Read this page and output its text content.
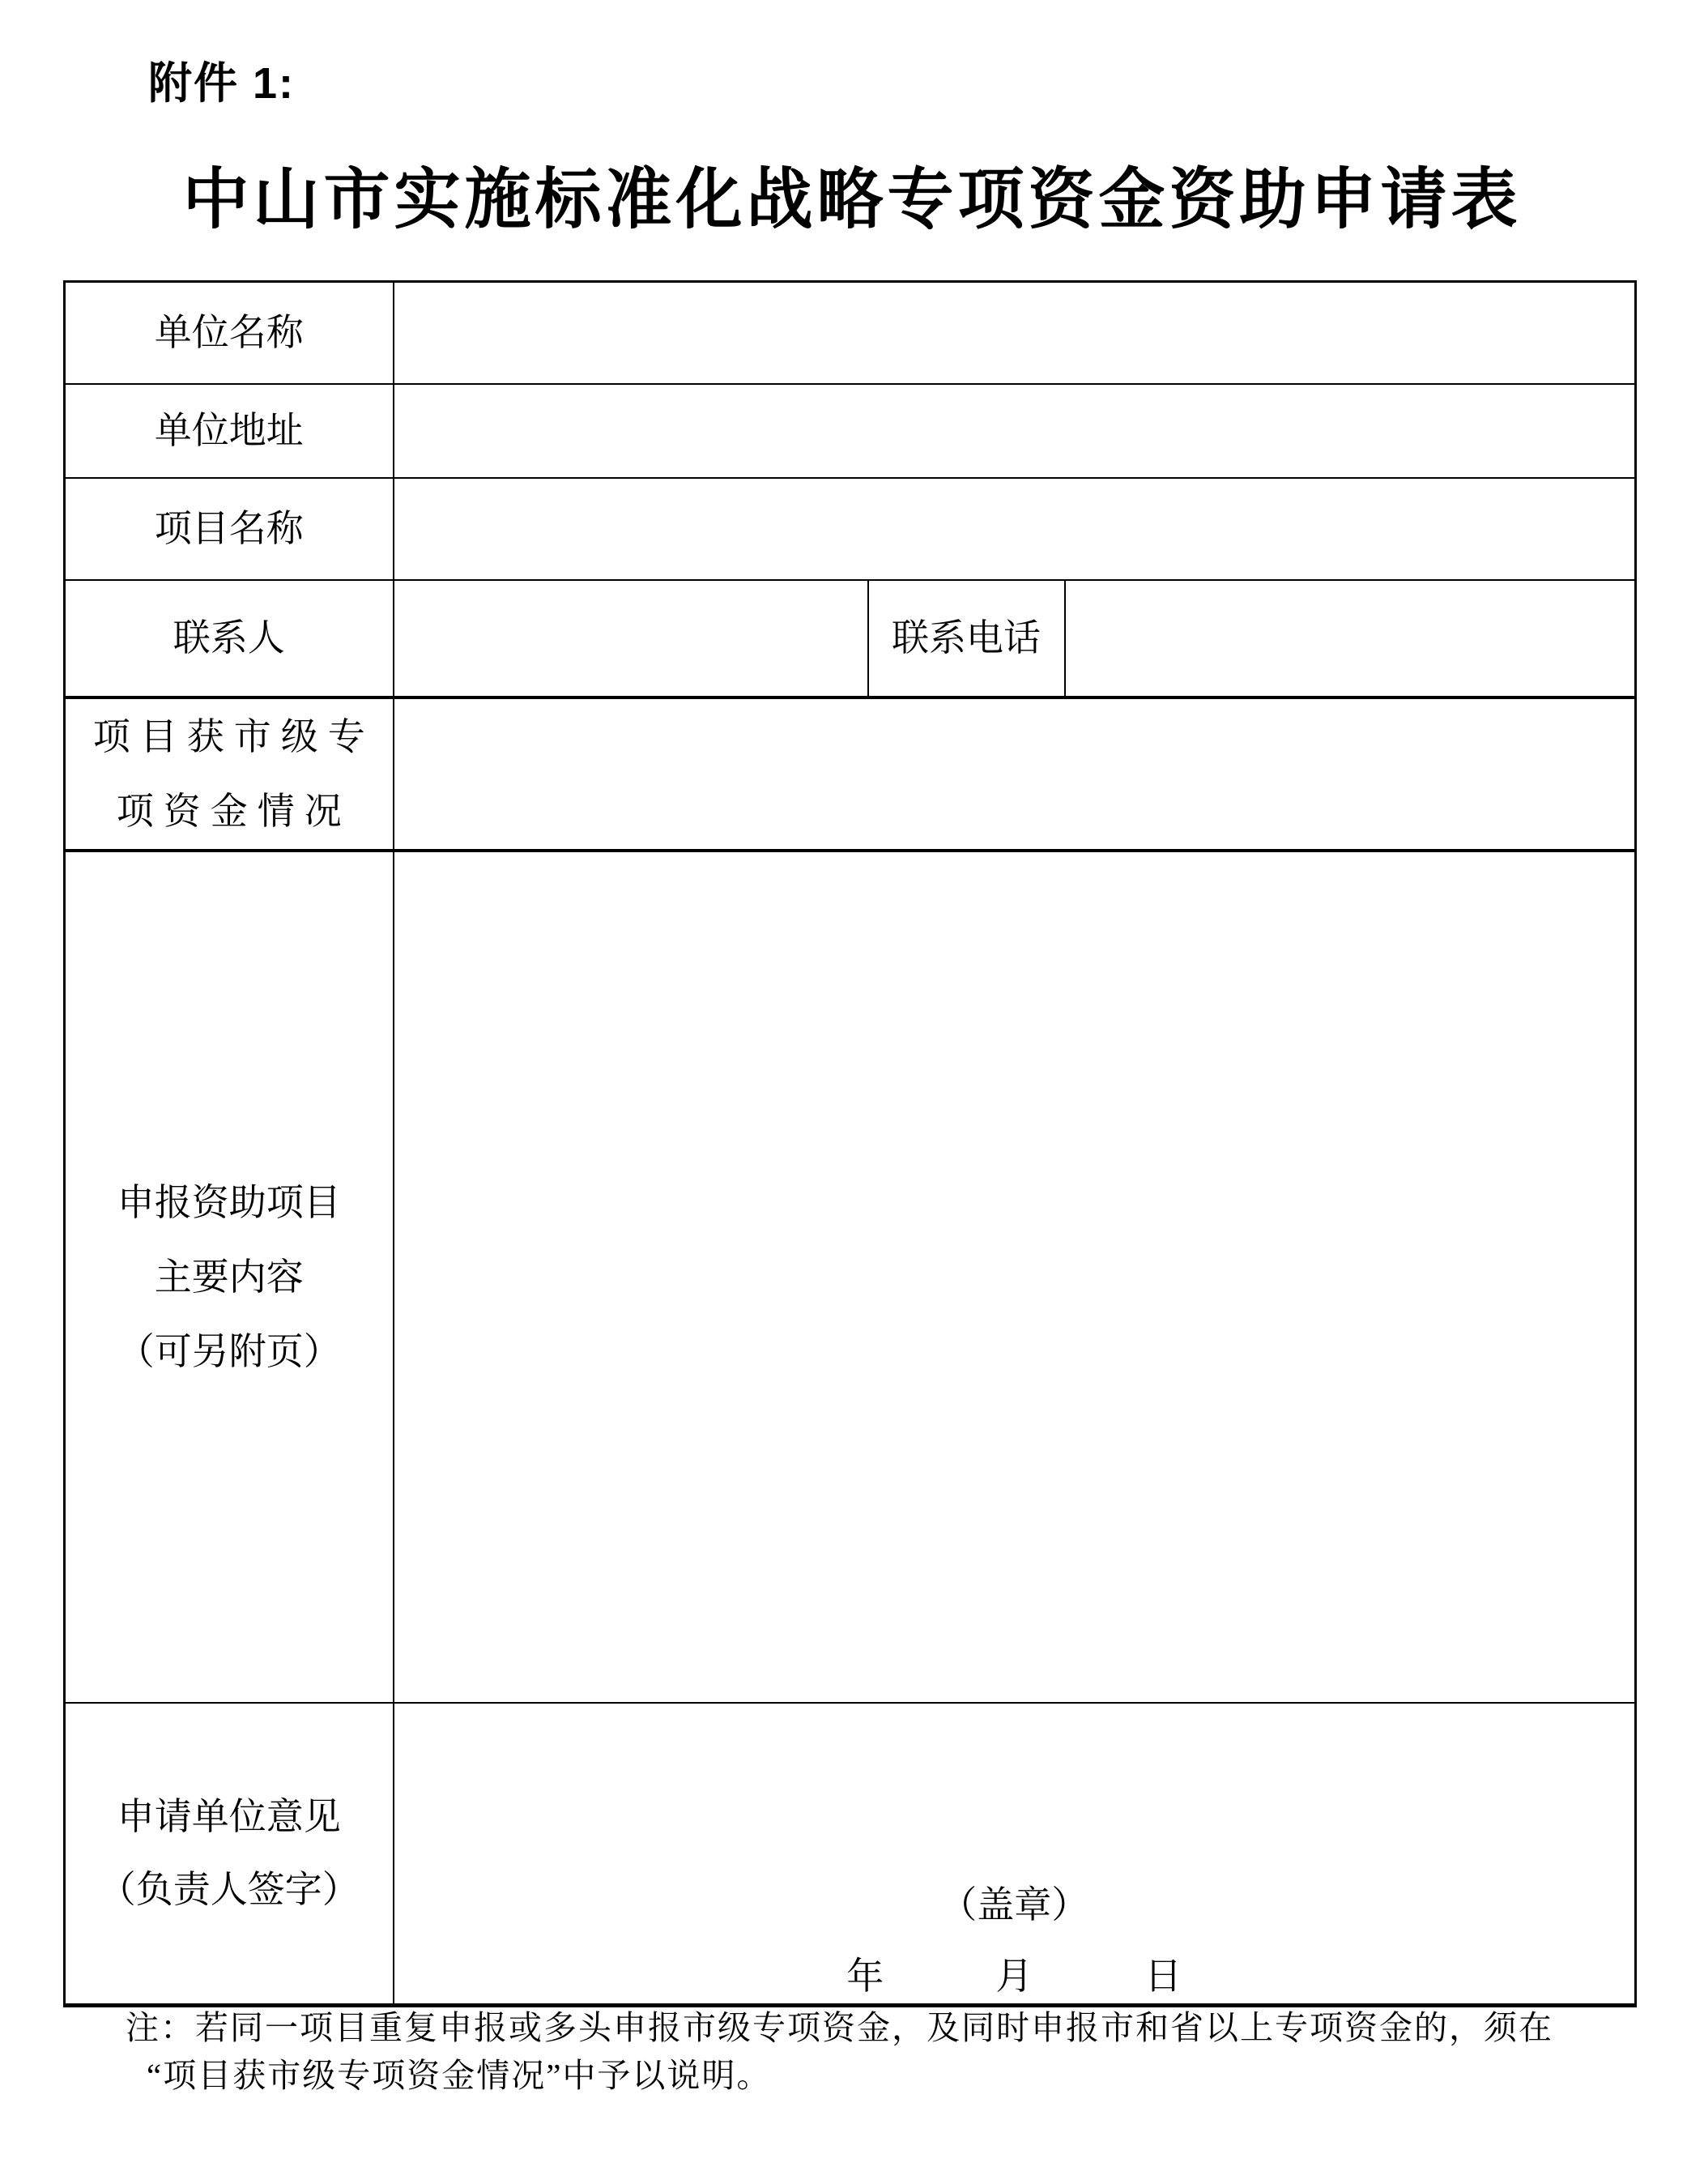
附件 1:
中山市实施标准化战略专项资金资助申请表
单位名称			
单位地址			
项目名称			
联系人		联系电话	

项目获市级专
项资金情况			

申报资助项目
主要内容
（可另附页）			

申请单位意见
（负责人签字）	（盖章）
年　　　月　　　日
注：若同一项目重复申报或多头申报市级专项资金，及同时申报市和省以上专项资金的，须在
“项目获市级专项资金情况”中予以说明。
